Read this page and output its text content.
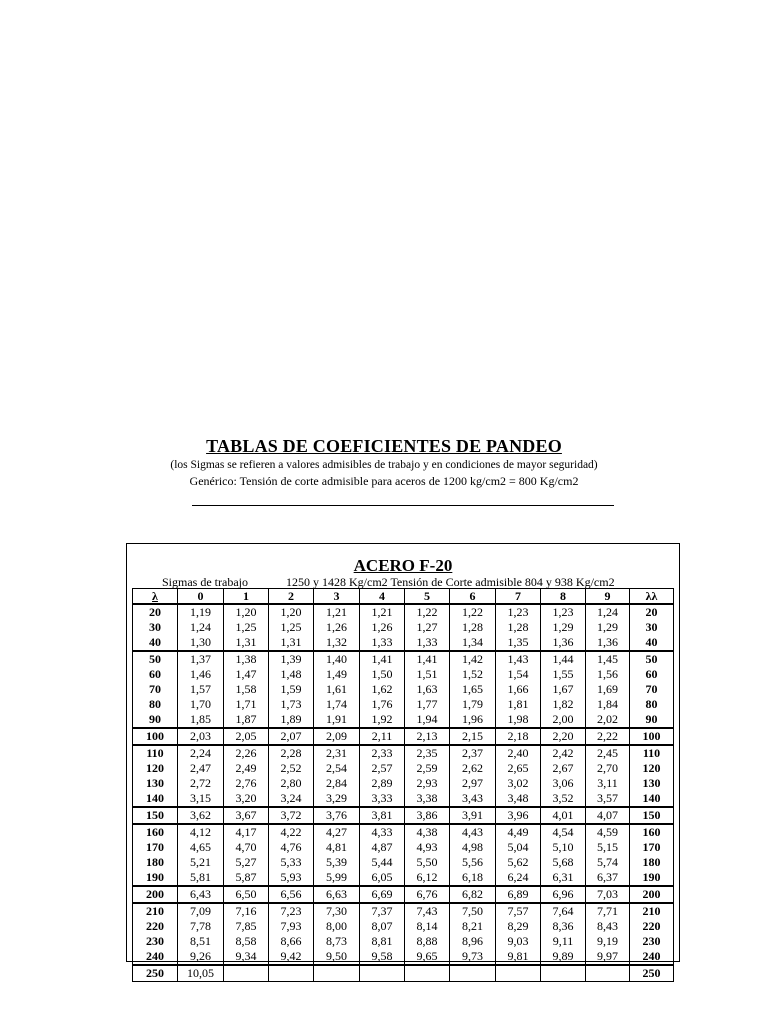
TABLAS DE COEFICIENTES DE PANDEO
(los Sigmas se refieren a valores admisibles de trabajo y en condiciones de mayor seguridad)
Genérico: Tensión de corte admisible para aceros de 1200 kg/cm2 = 800 Kg/cm2
ACERO F-20
Sigmas de trabajo	1250 y 1428 Kg/cm2 Tensión de Corte admisible 804 y 938 Kg/cm2
λ	0	1	2	3	4	5	6	7	8	9	λλ
20	1,19	1,20	1,20	1,21	1,21	1,22	1,22	1,23	1,23	1,24	20
30	1,24	1,25	1,25	1,26	1,26	1,27	1,28	1,28	1,29	1,29	30
40	1,30	1,31	1,31	1,32	1,33	1,33	1,34	1,35	1,36	1,36	40
50	1,37	1,38	1,39	1,40	1,41	1,41	1,42	1,43	1,44	1,45	50
60	1,46	1,47	1,48	1,49	1,50	1,51	1,52	1,54	1,55	1,56	60
70	1,57	1,58	1,59	1,61	1,62	1,63	1,65	1,66	1,67	1,69	70
80	1,70	1,71	1,73	1,74	1,76	1,77	1,79	1,81	1,82	1,84	80
90	1,85	1,87	1,89	1,91	1,92	1,94	1,96	1,98	2,00	2,02	90
100	2,03	2,05	2,07	2,09	2,11	2,13	2,15	2,18	2,20	2,22	100
110	2,24	2,26	2,28	2,31	2,33	2,35	2,37	2,40	2,42	2,45	110
120	2,47	2,49	2,52	2,54	2,57	2,59	2,62	2,65	2,67	2,70	120
130	2,72	2,76	2,80	2,84	2,89	2,93	2,97	3,02	3,06	3,11	130
140	3,15	3,20	3,24	3,29	3,33	3,38	3,43	3,48	3,52	3,57	140
150	3,62	3,67	3,72	3,76	3,81	3,86	3,91	3,96	4,01	4,07	150
160	4,12	4,17	4,22	4,27	4,33	4,38	4,43	4,49	4,54	4,59	160
170	4,65	4,70	4,76	4,81	4,87	4,93	4,98	5,04	5,10	5,15	170
180	5,21	5,27	5,33	5,39	5,44	5,50	5,56	5,62	5,68	5,74	180
190	5,81	5,87	5,93	5,99	6,05	6,12	6,18	6,24	6,31	6,37	190
200	6,43	6,50	6,56	6,63	6,69	6,76	6,82	6,89	6,96	7,03	200
210	7,09	7,16	7,23	7,30	7,37	7,43	7,50	7,57	7,64	7,71	210
220	7,78	7,85	7,93	8,00	8,07	8,14	8,21	8,29	8,36	8,43	220
230	8,51	8,58	8,66	8,73	8,81	8,88	8,96	9,03	9,11	9,19	230
240	9,26	9,34	9,42	9,50	9,58	9,65	9,73	9,81	9,89	9,97	240
250	10,05										250
